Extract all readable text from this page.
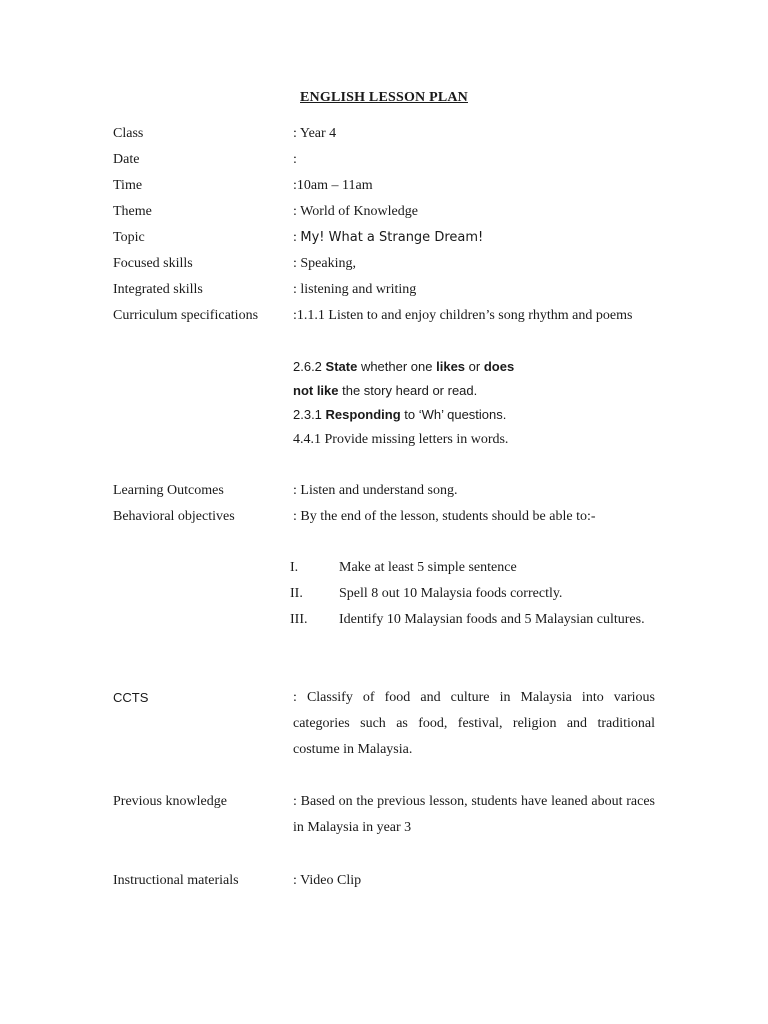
ENGLISH LESSON PLAN
Class	: Year 4
Date	:
Time	:10am – 11am
Theme	: World of Knowledge
Topic	: My! What a Strange Dream!
Focused skills	: Speaking,
Integrated skills	: listening and writing
Curriculum specifications :1.1.1 Listen to and enjoy children’s song rhythm and poems
2.6.2 State whether one likes or does
not like the story heard or read.
2.3.1 Responding to ‘Wh’ questions.
4.4.1 Provide missing letters in words.
Learning Outcomes	: Listen and understand song.
Behavioral objectives	: By the end of the lesson, students should be able to:-
I.	Make at least 5 simple sentence
II.	Spell 8 out 10 Malaysia foods correctly.
III.	Identify 10 Malaysian foods and 5 Malaysian cultures.
CCTS	: Classify of food and culture in Malaysia into various categories such as food, festival, religion and traditional costume in Malaysia.
Previous knowledge	: Based on the previous lesson, students have leaned about races in Malaysia in year 3
Instructional materials	: Video Clip
